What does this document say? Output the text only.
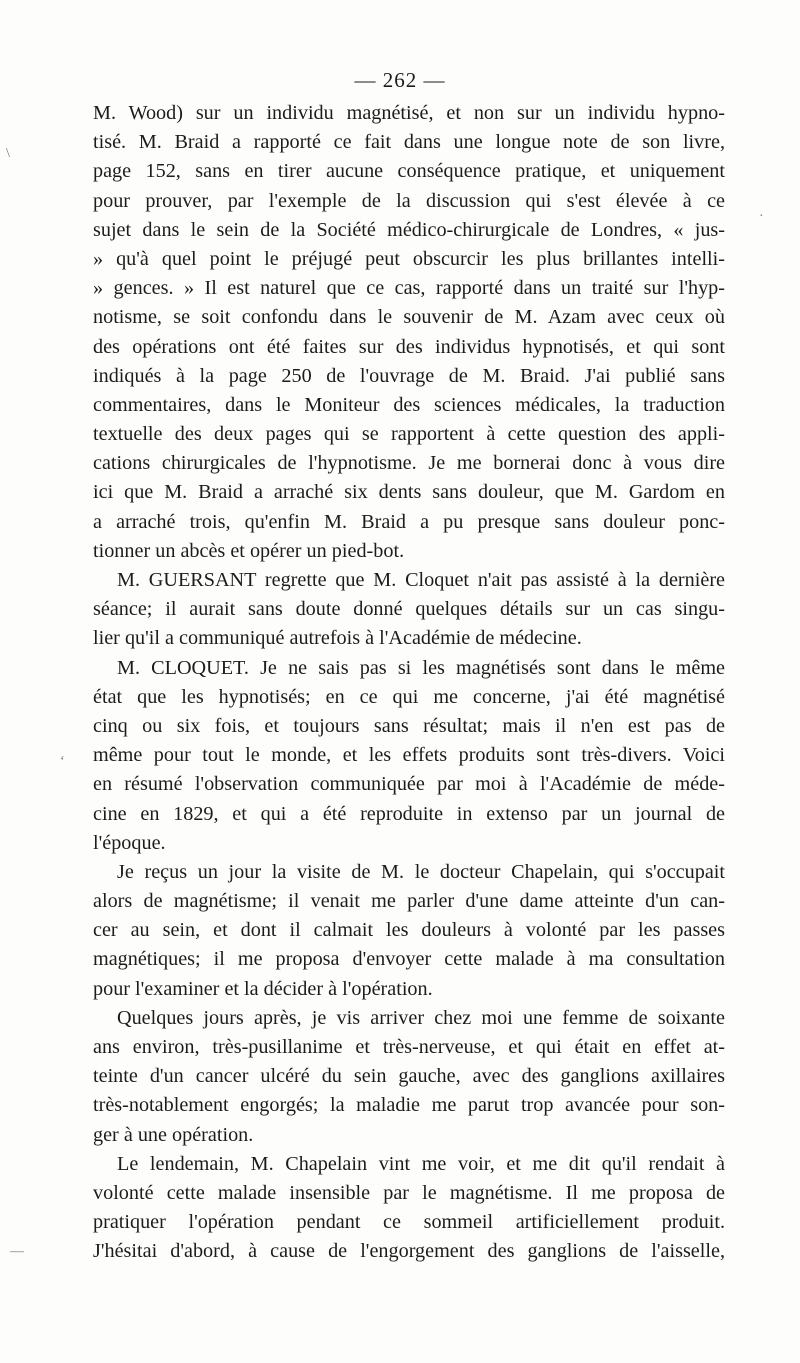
\
·
‘
—
— 262 —
M. Wood) sur un individu magnétisé, et non sur un individu hypno-
tisé. M. Braid a rapporté ce fait dans une longue note de son livre,
page 152, sans en tirer aucune conséquence pratique, et uniquement
pour prouver, par l'exemple de la discussion qui s'est élevée à ce
sujet dans le sein de la Société médico-chirurgicale de Londres, « jus-
» qu'à quel point le préjugé peut obscurcir les plus brillantes intelli-
» gences. » Il est naturel que ce cas, rapporté dans un traité sur l'hyp-
notisme, se soit confondu dans le souvenir de M. Azam avec ceux où
des opérations ont été faites sur des individus hypnotisés, et qui sont
indiqués à la page 250 de l'ouvrage de M. Braid. J'ai publié sans
commentaires, dans le Moniteur des sciences médicales, la traduction
textuelle des deux pages qui se rapportent à cette question des appli-
cations chirurgicales de l'hypnotisme. Je me bornerai donc à vous dire
ici que M. Braid a arraché six dents sans douleur, que M. Gardom en
a arraché trois, qu'enfin M. Braid a pu presque sans douleur ponc-
tionner un abcès et opérer un pied-bot.
M. GUERSANT regrette que M. Cloquet n'ait pas assisté à la dernière
séance; il aurait sans doute donné quelques détails sur un cas singu-
lier qu'il a communiqué autrefois à l'Académie de médecine.
M. CLOQUET. Je ne sais pas si les magnétisés sont dans le même
état que les hypnotisés; en ce qui me concerne, j'ai été magnétisé
cinq ou six fois, et toujours sans résultat; mais il n'en est pas de
même pour tout le monde, et les effets produits sont très-divers. Voici
en résumé l'observation communiquée par moi à l'Académie de méde-
cine en 1829, et qui a été reproduite in extenso par un journal de
l'époque.
Je reçus un jour la visite de M. le docteur Chapelain, qui s'occupait
alors de magnétisme; il venait me parler d'une dame atteinte d'un can-
cer au sein, et dont il calmait les douleurs à volonté par les passes
magnétiques; il me proposa d'envoyer cette malade à ma consultation
pour l'examiner et la décider à l'opération.
Quelques jours après, je vis arriver chez moi une femme de soixante
ans environ, très-pusillanime et très-nerveuse, et qui était en effet at-
teinte d'un cancer ulcéré du sein gauche, avec des ganglions axillaires
très-notablement engorgés; la maladie me parut trop avancée pour son-
ger à une opération.
Le lendemain, M. Chapelain vint me voir, et me dit qu'il rendait à
volonté cette malade insensible par le magnétisme. Il me proposa de
pratiquer l'opération pendant ce sommeil artificiellement produit.
J'hésitai d'abord, à cause de l'engorgement des ganglions de l'aisselle,
